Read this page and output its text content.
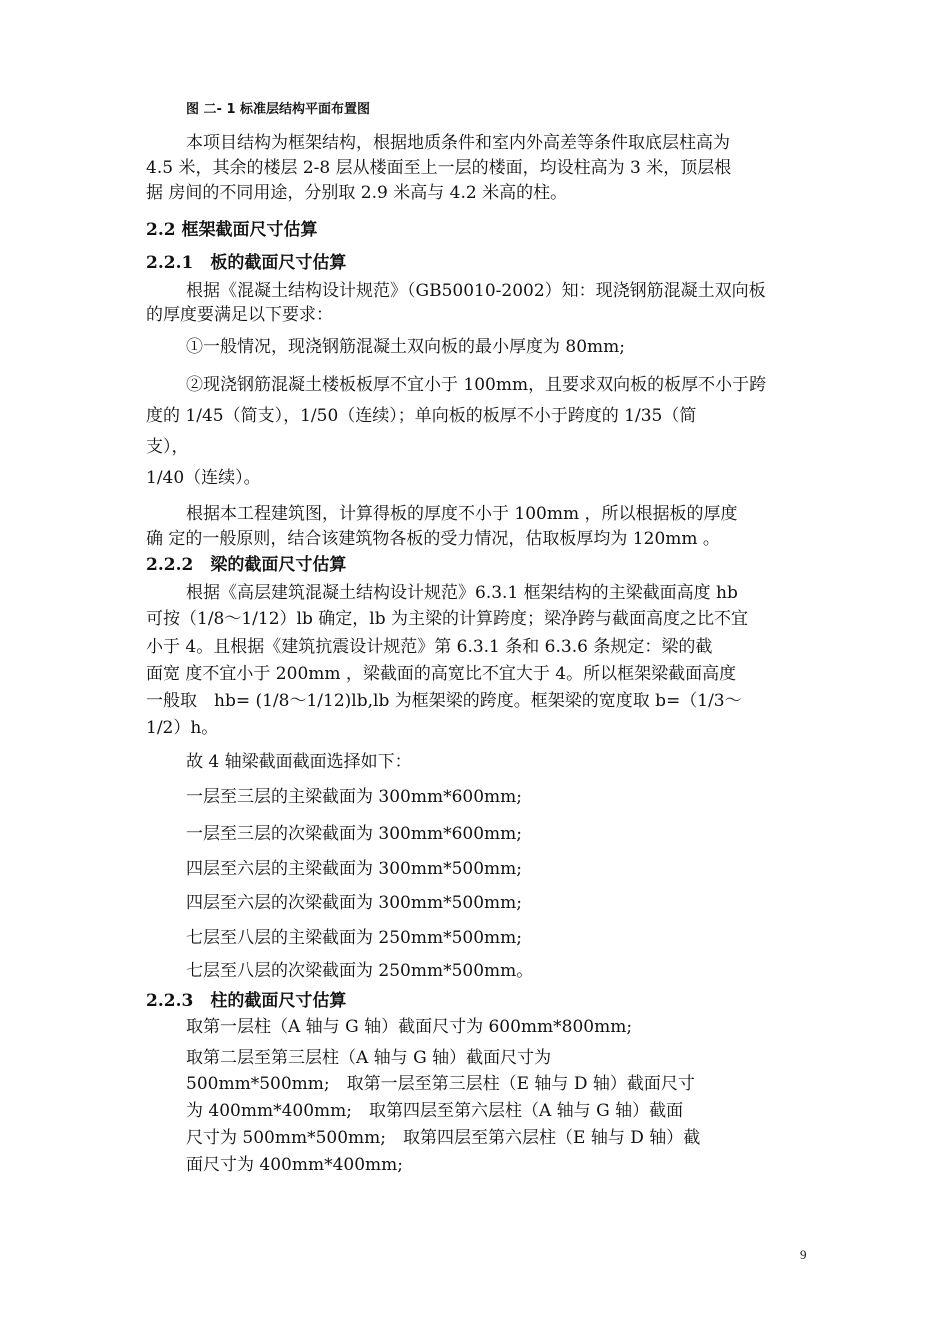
图 二- 1 标准层结构平面布置图
本项目结构为框架结构，根据地质条件和室内外高差等条件取底层柱高为
4.5 米，其余的楼层 2-8 层从楼面至上一层的楼面，均设柱高为 3 米，顶层根
据 房间的不同用途，分别取 2.9 米高与 4.2 米高的柱。
2.2 框架截面尺寸估算
2.2.1　板的截面尺寸估算
根据《混凝土结构设计规范》（GB50010-2002）知：现浇钢筋混凝土双向板
的厚度要满足以下要求：
①一般情况，现浇钢筋混凝土双向板的最小厚度为 80mm;
②现浇钢筋混凝土楼板板厚不宜小于 100mm，且要求双向板的板厚不小于跨
度的 1/45（简支），1/50（连续）；单向板的板厚不小于跨度的 1/35（简
支），
1/40（连续）。
根据本工程建筑图，计算得板的厚度不小于 100mm ，所以根据板的厚度
确 定的一般原则，结合该建筑物各板的受力情况，估取板厚均为 120mm 。
2.2.2　梁的截面尺寸估算
根据《高层建筑混凝土结构设计规范》6.3.1 框架结构的主梁截面高度 hb
可按（1/8～1/12）lb 确定，lb 为主梁的计算跨度；梁净跨与截面高度之比不宜
小于 4。且根据《建筑抗震设计规范》第 6.3.1 条和 6.3.6 条规定：梁的截
面宽 度不宜小于 200mm ，梁截面的高宽比不宜大于 4。所以框架梁截面高度
一般取　hb= (1/8～1/12)lb,lb 为框架梁的跨度。框架梁的宽度取 b=（1/3～
1/2）h。
故 4 轴梁截面截面选择如下：
一层至三层的主梁截面为 300mm*600mm;
一层至三层的次梁截面为 300mm*600mm;
四层至六层的主梁截面为 300mm*500mm;
四层至六层的次梁截面为 300mm*500mm;
七层至八层的主梁截面为 250mm*500mm;
七层至八层的次梁截面为 250mm*500mm。
2.2.3　柱的截面尺寸估算
取第一层柱（A 轴与 G 轴）截面尺寸为 600mm*800mm;
取第二层至第三层柱（A 轴与 G 轴）截面尺寸为
500mm*500mm;　取第一层至第三层柱（E 轴与 D 轴）截面尺寸
为 400mm*400mm;　取第四层至第六层柱（A 轴与 G 轴）截面
尺寸为 500mm*500mm;　取第四层至第六层柱（E 轴与 D 轴）截
面尺寸为 400mm*400mm;
9
